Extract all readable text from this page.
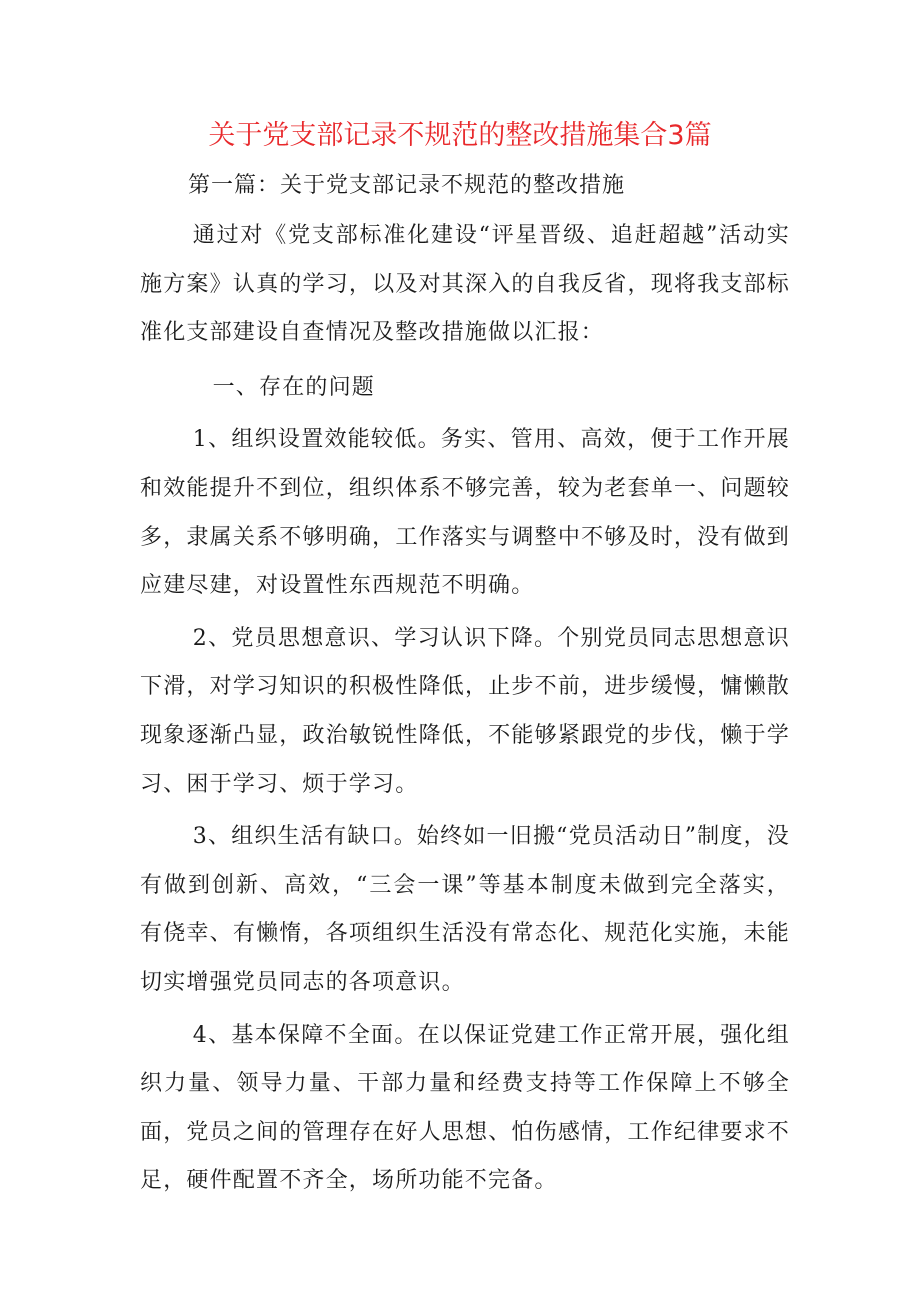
关于党支部记录不规范的整改措施集合3篇

第一篇：关于党支部记录不规范的整改措施

通过对《党支部标准化建设“评星晋级、追赶超越”活动实施方案》认真的学习，以及对其深入的自我反省，现将我支部标准化支部建设自查情况及整改措施做以汇报：

一、存在的问题

1、组织设置效能较低。务实、管用、高效，便于工作开展和效能提升不到位，组织体系不够完善，较为老套单一、问题较多，隶属关系不够明确，工作落实与调整中不够及时，没有做到应建尽建，对设置性东西规范不明确。

2、党员思想意识、学习认识下降。个别党员同志思想意识下滑，对学习知识的积极性降低，止步不前，进步缓慢，慵懒散现象逐渐凸显，政治敏锐性降低，不能够紧跟党的步伐，懒于学习、困于学习、烦于学习。

3、组织生活有缺口。始终如一旧搬“党员活动日”制度，没有做到创新、高效，“三会一课”等基本制度未做到完全落实，有侥幸、有懒惰，各项组织生活没有常态化、规范化实施，未能切实增强党员同志的各项意识。

4、基本保障不全面。在以保证党建工作正常开展，强化组织力量、领导力量、干部力量和经费支持等工作保障上不够全面，党员之间的管理存在好人思想、怕伤感情，工作纪律要求不足，硬件配置不齐全，场所功能不完备。
